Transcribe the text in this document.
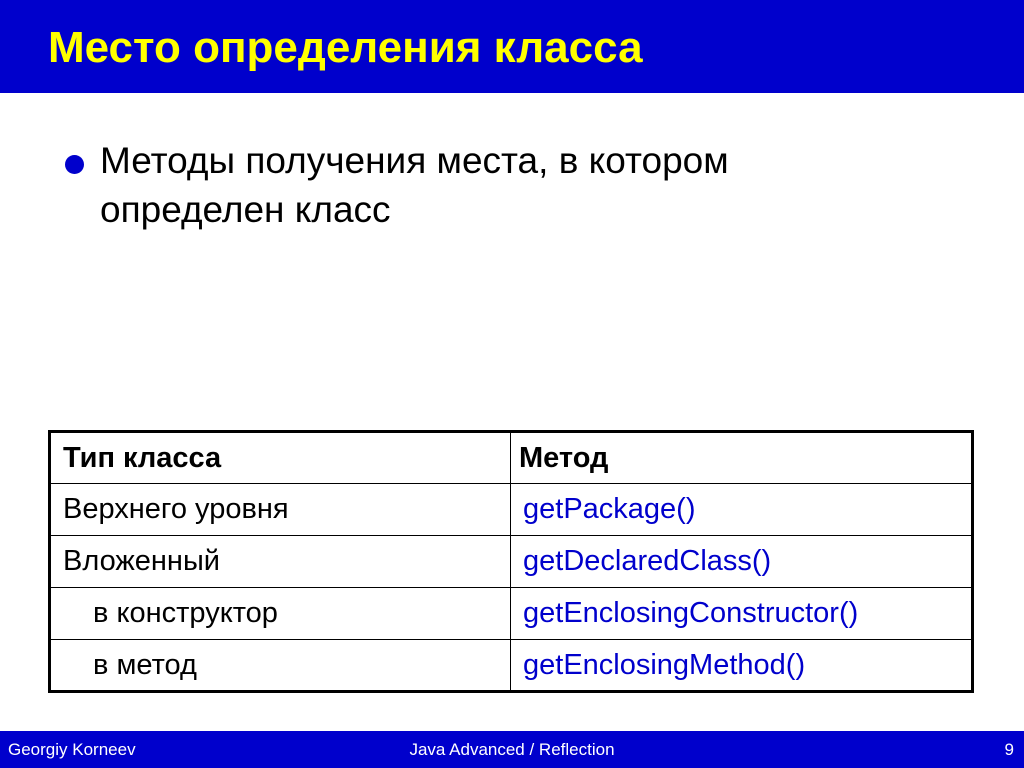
Место определения класса
Методы получения места, в котором определен класс
Тип класса	Метод
Верхнего уровня	getPackage()
Вложенный	getDeclaredClass()
в конструктор	getEnclosingConstructor()
в метод	getEnclosingMethod()
Java Advanced / Reflection
Georgiy Korneev	9
